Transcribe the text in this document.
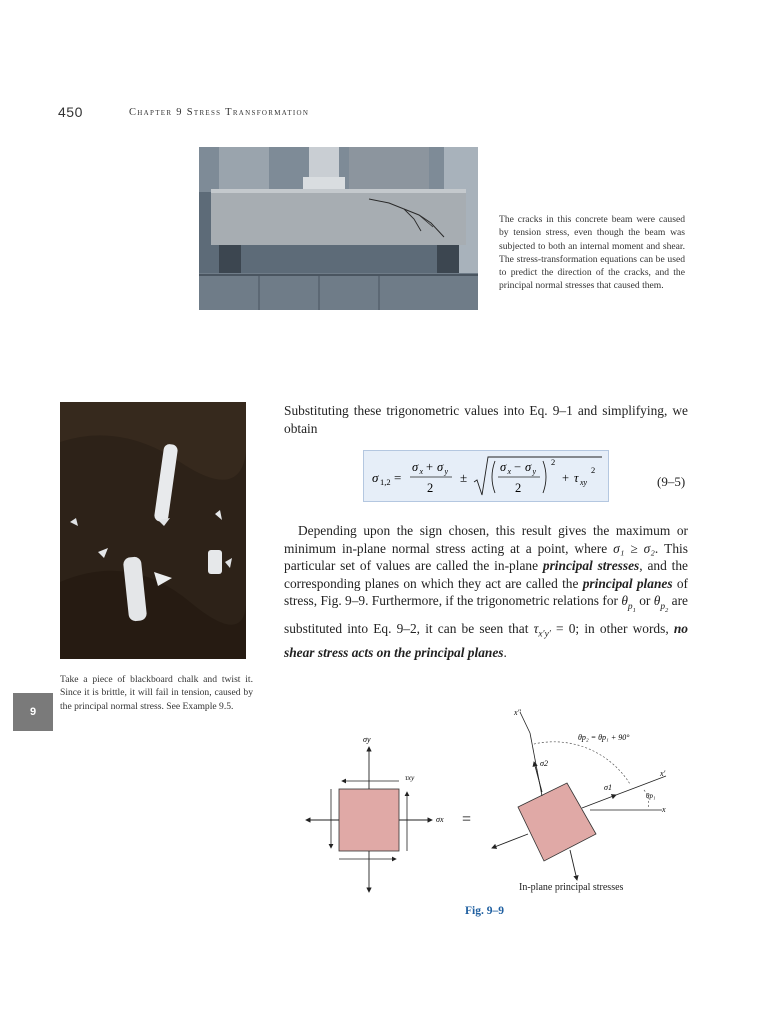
450	Chapter 9 Stress Transformation
The cracks in this concrete beam were caused by tension stress, even though the beam was subjected to both an internal moment and shear. The stress-transformation equations can be used to predict the direction of the cracks, and the principal normal stresses that caused them.
Take a piece of blackboard chalk and twist it. Since it is brittle, it will fail in tension, caused by the principal normal stress. See Example 9.5.
9
Substituting these trigonometric values into Eq. 9–1 and simplifying, we obtain
σ 1,2 =
σ x + σ y
2
±
σ x − σ y
2
2
+ τ xy
2
(9–5)
Depending upon the sign chosen, this result gives the maximum or minimum in-plane normal stress acting at a point, where σ₁ ≥ σ₂. This particular set of values are called the in-plane principal stresses, and the corresponding planes on which they act are called the principal planes of stress, Fig. 9–9. Furthermore, if the trigonometric relations for $\theta_{p_1}$ or $\theta_{p_2}$ are substituted into Eq. 9–2, it can be seen that $\tau_{x'y'} = 0$; in other words, no shear stress acts on the principal planes.
σy
τxy
σx =
x″
σ2
σ1
x′
x
θp₂ = θp₁ + 90°
θp₁
In-plane principal stresses
Fig. 9–9
